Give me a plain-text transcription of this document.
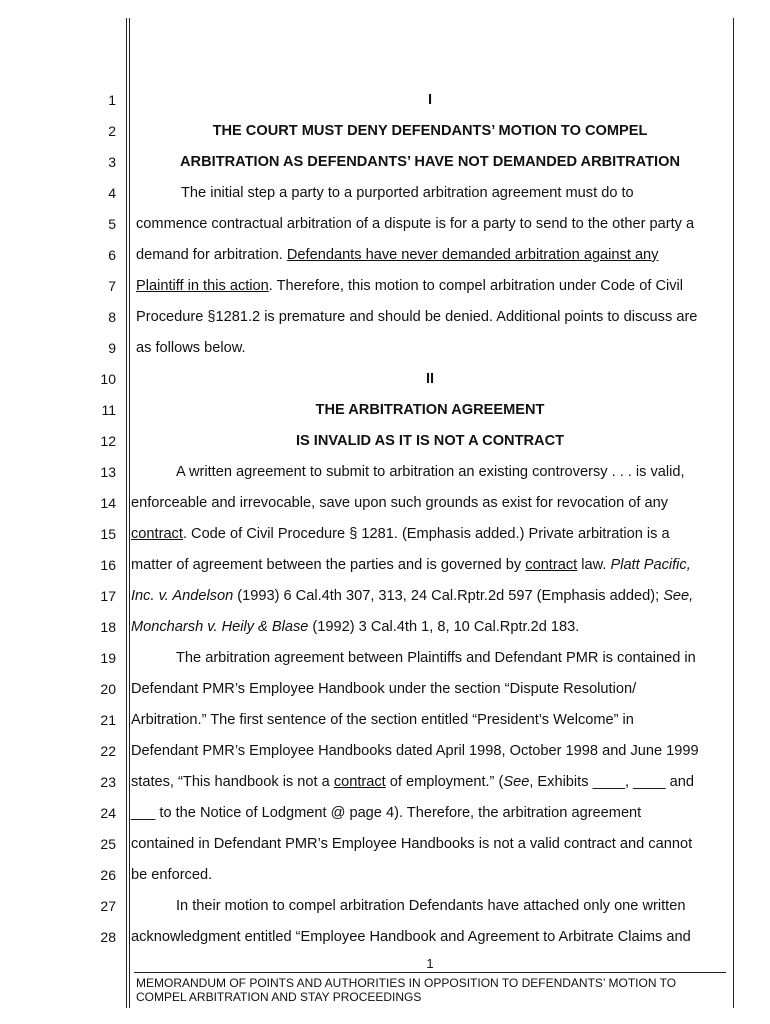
1
2
3
4
5
6
7
8
9
10
11
12
13
14
15
16
17
18
19
20
21
22
23
24
25
26
27
28
I
THE COURT MUST DENY DEFENDANTS’ MOTION TO COMPEL
ARBITRATION AS DEFENDANTS’ HAVE NOT DEMANDED ARBITRATION
The initial step a party to a purported arbitration agreement must do to
commence contractual arbitration of a dispute is for a party to send to the other party a
demand for arbitration. Defendants have never demanded arbitration against any
Plaintiff in this action. Therefore, this motion to compel arbitration under Code of Civil
Procedure §1281.2 is premature and should be denied. Additional points to discuss are
as follows below.
II
THE ARBITRATION AGREEMENT
IS INVALID AS IT IS NOT A CONTRACT
A written agreement to submit to arbitration an existing controversy . . . is valid,
enforceable and irrevocable, save upon such grounds as exist for revocation of any
contract. Code of Civil Procedure § 1281. (Emphasis added.) Private arbitration is a
matter of agreement between the parties and is governed by contract law. Platt Pacific,
Inc. v. Andelson (1993) 6 Cal.4th 307, 313, 24 Cal.Rptr.2d 597 (Emphasis added); See,
Moncharsh v. Heily & Blase (1992) 3 Cal.4th 1, 8, 10 Cal.Rptr.2d 183.
The arbitration agreement between Plaintiffs and Defendant PMR is contained in
Defendant PMR’s Employee Handbook under the section “Dispute Resolution/
Arbitration.” The first sentence of the section entitled “President’s Welcome” in
Defendant PMR’s Employee Handbooks dated April 1998, October 1998 and June 1999
states, “This handbook is not a contract of employment.” (See, Exhibits ____, ____ and
___ to the Notice of Lodgment @ page 4). Therefore, the arbitration agreement
contained in Defendant PMR’s Employee Handbooks is not a valid contract and cannot
be enforced.
In their motion to compel arbitration Defendants have attached only one written
acknowledgment entitled “Employee Handbook and Agreement to Arbitrate Claims and
1
MEMORANDUM OF POINTS AND AUTHORITIES IN OPPOSITION TO DEFENDANTS’ MOTION TO
COMPEL ARBITRATION AND STAY PROCEEDINGS
